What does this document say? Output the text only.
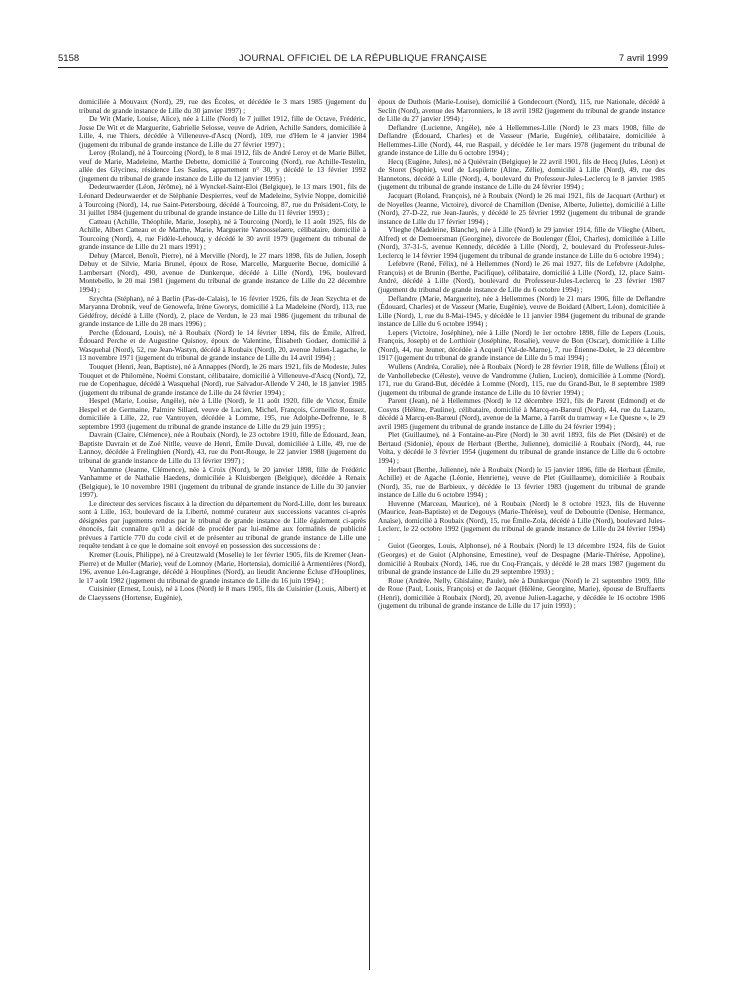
5158	JOURNAL OFFICIEL DE LA RÉPUBLIQUE FRANÇAISE	7 avril 1999

domiciliée à Mouvaux (Nord), 29, rue des Écoles, et décédée le 3 mars 1985 (jugement du tribunal de grande instance de Lille du 30 janvier 1997) ;

De Wit (Marie, Louise, Alice), née à Lille (Nord) le 7 juillet 1912, fille de Octave, Frédéric, Josse De Wit et de Marguerite, Gabrielle Selosse, veuve de Adrien, Achille Sanders, domiciliée à Lille, 4, rue Thiers, décédée à Villeneuve-d'Ascq (Nord), 109, rue d'Hem le 4 janvier 1984 (jugement du tribunal de grande instance de Lille du 27 février 1997) ;

Leroy (Roland), né à Tourcoing (Nord), le 8 mai 1912, fils de André Leroy et de Marie Billet, veuf de Marie, Madeleine, Marthe Debette, domicilié à Tourcoing (Nord), rue Achille-Testelin, allée des Glycines, résidence Les Saules, appartement n° 30, y décédé le 13 février 1992 (jugement du tribunal de grande instance de Lille du 12 janvier 1995) ;

Dedeurwaerder (Léon, Jérôme), né à Wynckel-Saint-Eloi (Belgique), le 13 mars 1901, fils de Léonard Dedeurwaerder et de Stéphanie Despierres, veuf de Madeleine, Sylvie Noppe, domicilié à Tourcoing (Nord), 14, rue Saint-Petersbourg, décédé à Tourcoing, 87, rue du Président-Coty, le 31 juillet 1984 (jugement du tribunal de grande instance de Lille du 11 février 1993) ;

Catteau (Achille, Théophile, Marie, Joseph), né à Tourcoing (Nord), le 11 août 1925, fils de Achille, Albert Catteau et de Marthe, Marie, Marguerite Vanoosselaere, célibataire, domicilié à Tourcoing (Nord), 4, rue Fidèle-Lehoucq, y décédé le 30 avril 1979 (jugement du tribunal de grande instance de Lille du 21 mars 1991) ;

Dehuy (Marcel, Benoît, Pierre), né à Merville (Nord), le 27 mars 1898, fils de Julien, Joseph Dehuy et de Silvie, Maria Brunel, époux de Rose, Marcelle, Marguerite Becue, domicilié à Lambersart (Nord), 490, avenue de Dunkerque, décédé à Lille (Nord), 196, boulevard Montebello, le 20 mai 1981 (jugement du tribunal de grande instance de Lille du 22 décembre 1994) ;

Szychta (Stéphan), né à Barlin (Pas-de-Calais), le 16 février 1926, fils de Jean Szychta et de Maryanna Drobnik, veuf de Genowefa, Irène Gworys, domicilié à La Madeleine (Nord), 113, rue Gédéfroy, décédé à Lille (Nord), 2, place de Verdun, le 23 mai 1986 (jugement du tribunal de grande instance de Lille du 28 mars 1996) ;

Perche (Édouard, Louis), né à Roubaix (Nord) le 14 février 1894, fils de Émile, Alfred, Édouard Perche et de Augustine Quisnoy, époux de Valentine, Élisabeth Godaer, domicilié à Wasquehal (Nord), 52, rue Jean-Wastyn, décédé à Roubaix (Nord), 20, avenue Julien-Lagache, le 13 novembre 1971 (jugement du tribunal de grande instance de Lille du 14 avril 1994) ;

Touquet (Henri, Jean, Baptiste), né à Annappes (Nord), le 26 mars 1921, fils de Modeste, Jules Touquet et de Philomène, Noémi Constant, célibataire, domicilié à Villeneuve-d'Ascq (Nord), 72, rue de Copenhague, décédé à Wasquehal (Nord), rue Salvador-Allende V 240, le 18 janvier 1985 (jugement du tribunal de grande instance de Lille du 24 février 1994) ;

Hespel (Marie, Louise, Angèle), née à Lille (Nord), le 11 août 1920, fille de Victor, Émile Hespel et de Germaine, Palmire Sillard, veuve de Lucien, Michel, François, Corneille Roussez, domiciliée à Lille, 22, rue Vantroyen, décédée à Lomme, 195, rue Adolphe-Defrenne, le 8 septembre 1993 (jugement du tribunal de grande instance de Lille du 29 juin 1995) ;

Davrain (Claire, Clémence), née à Roubaix (Nord), le 23 octobre 1910, fille de Édouard, Jean, Baptiste Davrain et de Zoé Nitlle, veuve de Henri, Émile Duval, domiciliée à Lille, 49, rue de Lannoy, décédée à Frelinghien (Nord), 43, rue du Pont-Rouge, le 22 janvier 1988 (jugement du tribunal de grande instance de Lille du 13 février 1997) ;

Vanhamme (Jeanne, Clémence), née à Croix (Nord), le 20 janvier 1898, fille de Frédéric Vanhamme et de Nathalie Haedens, domiciliée à Kluisbergen (Belgique), décédée à Renaix (Belgique), le 10 novembre 1981 (jugement du tribunal de grande instance de Lille du 30 janvier 1997).

Le directeur des services fiscaux à la direction du département du Nord-Lille, dont les bureaux sont à Lille, 163, boulevard de la Liberté, nommé curateur aux successions vacantes ci-après désignées par jugements rendus par le tribunal de grande instance de Lille également ci-après énoncés, fait connaître qu'il a décidé de procéder par lui-même aux formalités de publicité prévues à l'article 770 du code civil et de présenter au tribunal de grande instance de Lille une requête tendant à ce que le domaine soit envoyé en possession des successions de :

Kremer (Louis, Philippe), né à Creutzwald (Moselle) le 1er février 1905, fils de Kremer (Jean-Pierre) et de Muller (Marie), veuf de Lomnoy (Marie, Hortensia), domicilié à Armentières (Nord), 196, avenue Léo-Lagrange, décédé à Houplines (Nord), au lieudit Ancienne Écluse d'Houplines, le 17 août 1982 (jugement du tribunal de grande instance de Lille du 16 juin 1994) ;

Cuisinier (Ernest, Louis), né à Loos (Nord) le 8 mars 1905, fils de Cuisinier (Louis, Albert) et de Claeyssens (Hortense, Eugénie),

époux de Duthois (Marie-Louise), domicilié à Gondecourt (Nord), 115, rue Nationale, décédé à Seclin (Nord), avenue des Marronniers, le 18 avril 1982 (jugement du tribunal de grande instance de Lille du 27 janvier 1994) ;

Deflandre (Lucienne, Angèle), née à Hellemmes-Lille (Nord) le 23 mars 1908, fille de Deflandre (Édouard, Charles) et de Vasseur (Marie, Eugénie), célibataire, domiciliée à Hellemmes-Lille (Nord), 44, rue Raspail, y décédée le 1er mars 1978 (jugement du tribunal de grande instance de Lille du 6 octobre 1994) ;

Hecq (Eugène, Jules), né à Quiévrain (Belgique) le 22 avril 1901, fils de Hecq (Jules, Léon) et de Storet (Sophie), veuf de Lespilette (Aline, Zélie), domicilié à Lille (Nord), 49, rue des Hannetons, décédé à Lille (Nord), 4, boulevard du Professeur-Jules-Leclercq le 8 janvier 1985 (jugement du tribunal de grande instance de Lille du 24 février 1994) ;

Jacquart (Roland, François), né à Roubaix (Nord) le 26 mai 1921, fils de Jacquart (Arthur) et de Noyelles (Jeanne, Victoire), divorcé de Charnillon (Denise, Alberte, Juliette), domicilié à Lille (Nord), 27-D-22, rue Jean-Jaurès, y décédé le 25 février 1992 (jugement du tribunal de grande instance de Lille du 17 février 1994) ;

Vlieghe (Madeleine, Blanche), née à Lille (Nord) le 29 janvier 1914, fille de Vlieghe (Albert, Alfred) et de Demoersman (Georgine), divorcée de Boulenger (Éloi, Charles), domiciliée à Lille (Nord), 37-31-5, avenue Kennedy, décédée à Lille (Nord), 2, boulevard du Professeur-Jules-Leclercq le 14 février 1994 (jugement du tribunal de grande instance de Lille du 6 octobre 1994) ;

Lefebvre (René, Félix), né à Hellemmes (Nord) le 26 mai 1927, fils de Lefebvre (Adolphe, François) et de Brunin (Berthe, Pacifique), célibataire, domicilié à Lille (Nord), 12, place Saint-André, décédé à Lille (Nord), boulevard du Professeur-Jules-Leclercq le 23 février 1987 (jugement du tribunal de grande instance de Lille du 6 octobre 1994) ;

Deflandre (Marie, Marguerite), née à Hellemmes (Nord) le 21 mars 1906, fille de Deflandre (Édouard, Charles) et de Vasseur (Marie, Eugénie), veuve de Boidard (Albert, Léon), domiciliée à Lille (Nord), 1, rue du 8-Mai-1945, y décédée le 11 janvier 1984 (jugement du tribunal de grande instance de Lille du 6 octobre 1994) ;

Lepers (Victoire, Joséphine), née à Lille (Nord) le 1er octobre 1898, fille de Lepers (Louis, François, Joseph) et de Lorthioir (Joséphine, Rosalie), veuve de Bon (Oscar), domiciliée à Lille (Nord), 44, rue Jeuner, décédée à Acqueil (Val-de-Marne), 7, rue Étienne-Dolet, le 23 décembre 1917 (jugement du tribunal de grande instance de Lille du 5 mai 1994) ;

Wullens (Andréa, Coralie), née à Roubaix (Nord) le 28 février 1918, fille de Wullens (Éloi) et de Vanhollebecke (Céleste), veuve de Vandromme (Julien, Lucien), domiciliée à Lomme (Nord), 171, rue du Grand-But, décédée à Lomme (Nord), 115, rue du Grand-But, le 8 septembre 1989 (jugement du tribunal de grande instance de Lille du 10 février 1994) ;

Parent (Jean), né à Hellemmes (Nord) le 12 décembre 1921, fils de Parent (Edmond) et de Cosyns (Hélène, Pauline), célibataire, domicilié à Marcq-en-Barœul (Nord), 44, rue du Lazaro, décédé à Marcq-en-Barœul (Nord), avenue de la Marne, à l'arrêt du tramway « Le Quesne », le 29 avril 1985 (jugement du tribunal de grande instance de Lille du 24 février 1994) ;

Plet (Guillaume), né à Fontaine-au-Pire (Nord) le 30 avril 1893, fils de Plet (Désiré) et de Bertaud (Sidonie), époux de Herbaut (Berthe, Julienne), domicilié à Roubaix (Nord), 44, rue Volta, y décédé le 3 février 1954 (jugement du tribunal de grande instance de Lille du 6 octobre 1994) ;

Herbaut (Berthe, Julienne), née à Roubaix (Nord) le 15 janvier 1896, fille de Herbaut (Émile, Achille) et de Agache (Léonie, Henriette), veuve de Plet (Guillaume), domiciliée à Roubaix (Nord), 35, rue de Barbieux, y décédée le 13 février 1983 (jugement du tribunal de grande instance de Lille du 6 octobre 1994) ;

Huvenne (Marceau, Maurice), né à Roubaix (Nord) le 8 octobre 1923, fils de Huvenne (Maurice, Jean-Baptiste) et de Degouys (Marie-Thérèse), veuf de Deboutrie (Denise, Hermance, Anaïse), domicilié à Roubaix (Nord), 15, rue Émile-Zola, décédé à Lille (Nord), boulevard Jules-Leclerc, le 22 octobre 1992 (jugement du tribunal de grande instance de Lille du 24 février 1994) ;

Guiot (Georges, Louis, Alphonse), né à Roubaix (Nord) le 13 décembre 1924, fils de Guiot (Georges) et de Guiot (Alphonsine, Ernestine), veuf de Despagne (Marie-Thérèse, Appoline), domicilié à Roubaix (Nord), 146, rue du Coq-Français, y décédé le 28 mars 1987 (jugement du tribunal de grande instance de Lille du 29 septembre 1993) ;

Roue (Andrée, Nelly, Ghislaine, Paule), née à Dunkerque (Nord) le 21 septembre 1909, fille de Roue (Paul, Louis, François) et de Jacquet (Hélène, Georgine, Marie), épouse de Bruffaerts (Henri), domiciliée à Roubaix (Nord), 20, avenue Julien-Lagache, y décédée le 16 octobre 1986 (jugement du tribunal de grande instance de Lille du 17 juin 1993) ;
